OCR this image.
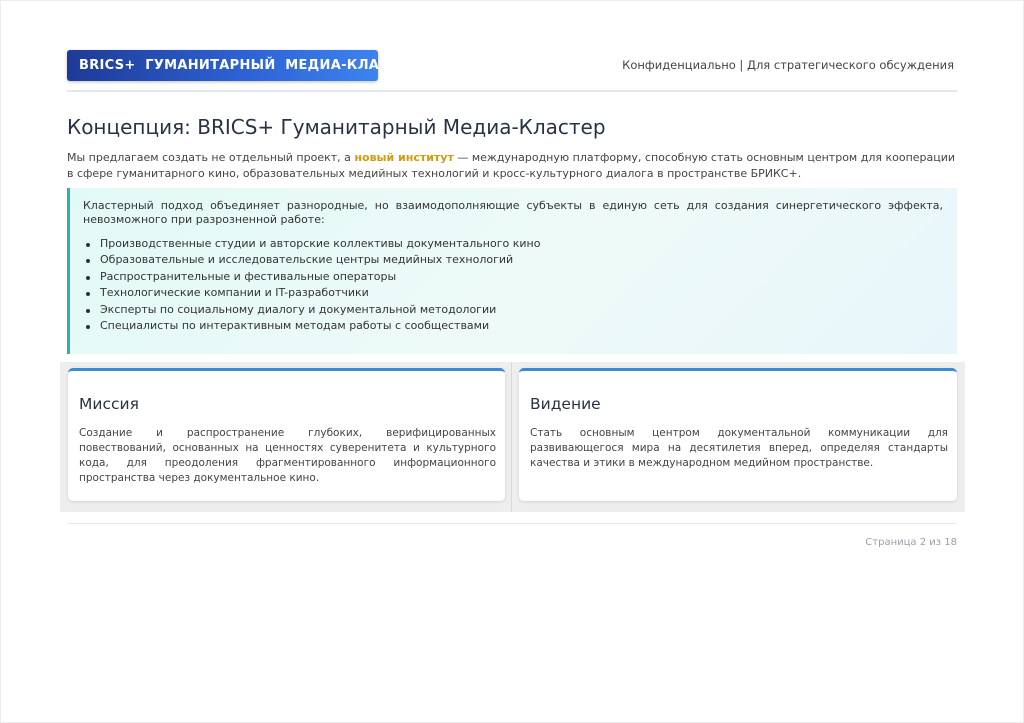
BRICS+  ГУМАНИТАРНЫЙ  МЕДИА-КЛАСТЕР	Конфиденциально | Для стратегического обсуждения
Концепция: BRICS+ Гуманитарный Медиа-Кластер
Мы предлагаем создать не отдельный проект, а новый институт — международную платформу, способную стать основным центром для кооперации в сфере гуманитарного кино, образовательных медийных технологий и кросс-культурного диалога в пространстве БРИКС+.
Кластерный подход объединяет разнородные, но взаимодополняющие субъекты в единую сеть для создания синергетического эффекта, невозможного при разрозненной работе:
Производственные студии и авторские коллективы документального кино
Образовательные и исследовательские центры медийных технологий
Распространительные и фестивальные операторы
Технологические компании и IT-разработчики
Эксперты по социальному диалогу и документальной методологии
Специалисты по интерактивным методам работы с сообществами
Миссия

Создание и распространение глубоких, верифицированных повествований, основанных на ценностях суверенитета и культурного кода, для преодоления фрагментированного информационного пространства через документальное кино.

Видение

Стать основным центром документальной коммуникации для развивающегося мира на десятилетия вперед, определяя стандарты качества и этики в международном медийном пространстве.

Страница 2 из 18
